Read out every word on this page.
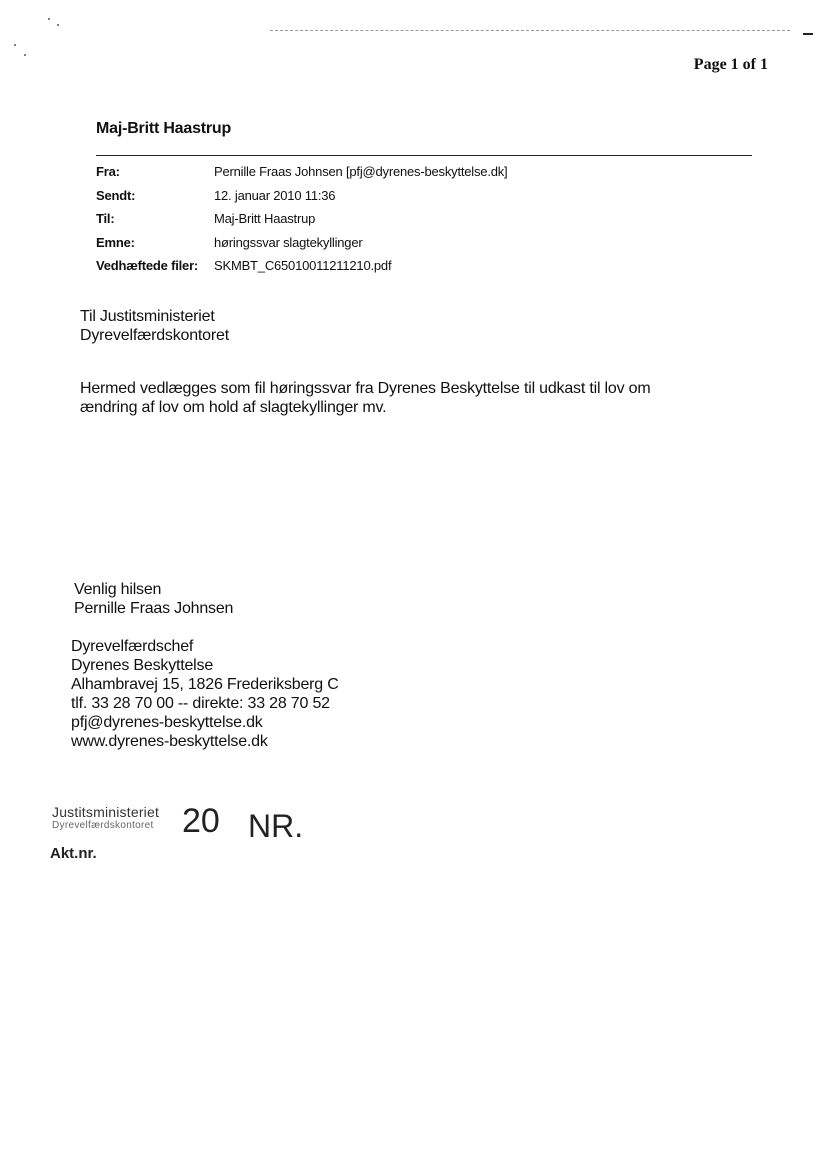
Page 1 of 1
Maj-Britt Haastrup
Fra:	Pernille Fraas Johnsen [pfj@dyrenes-beskyttelse.dk]
Sendt:	12. januar 2010 11:36
Til:	Maj-Britt Haastrup
Emne:	høringssvar slagtekyllinger
Vedhæftede filer:	SKMBT_C65010011211210.pdf
Til Justitsministeriet
Dyrevelfærdskontoret
Hermed vedlægges som fil høringssvar fra Dyrenes Beskyttelse til udkast til lov om
ændring af lov om hold af slagtekyllinger mv.
Venlig hilsen
Pernille Fraas Johnsen
Dyrevelfærdschef
Dyrenes Beskyttelse
Alhambravej 15, 1826 Frederiksberg C
tlf. 33 28 70 00 -- direkte: 33 28 70 52
pfj@dyrenes-beskyttelse.dk
www.dyrenes-beskyttelse.dk
Justitsministeriet
Dyrevelfærdskontoret 20 NR.
Akt.nr.
